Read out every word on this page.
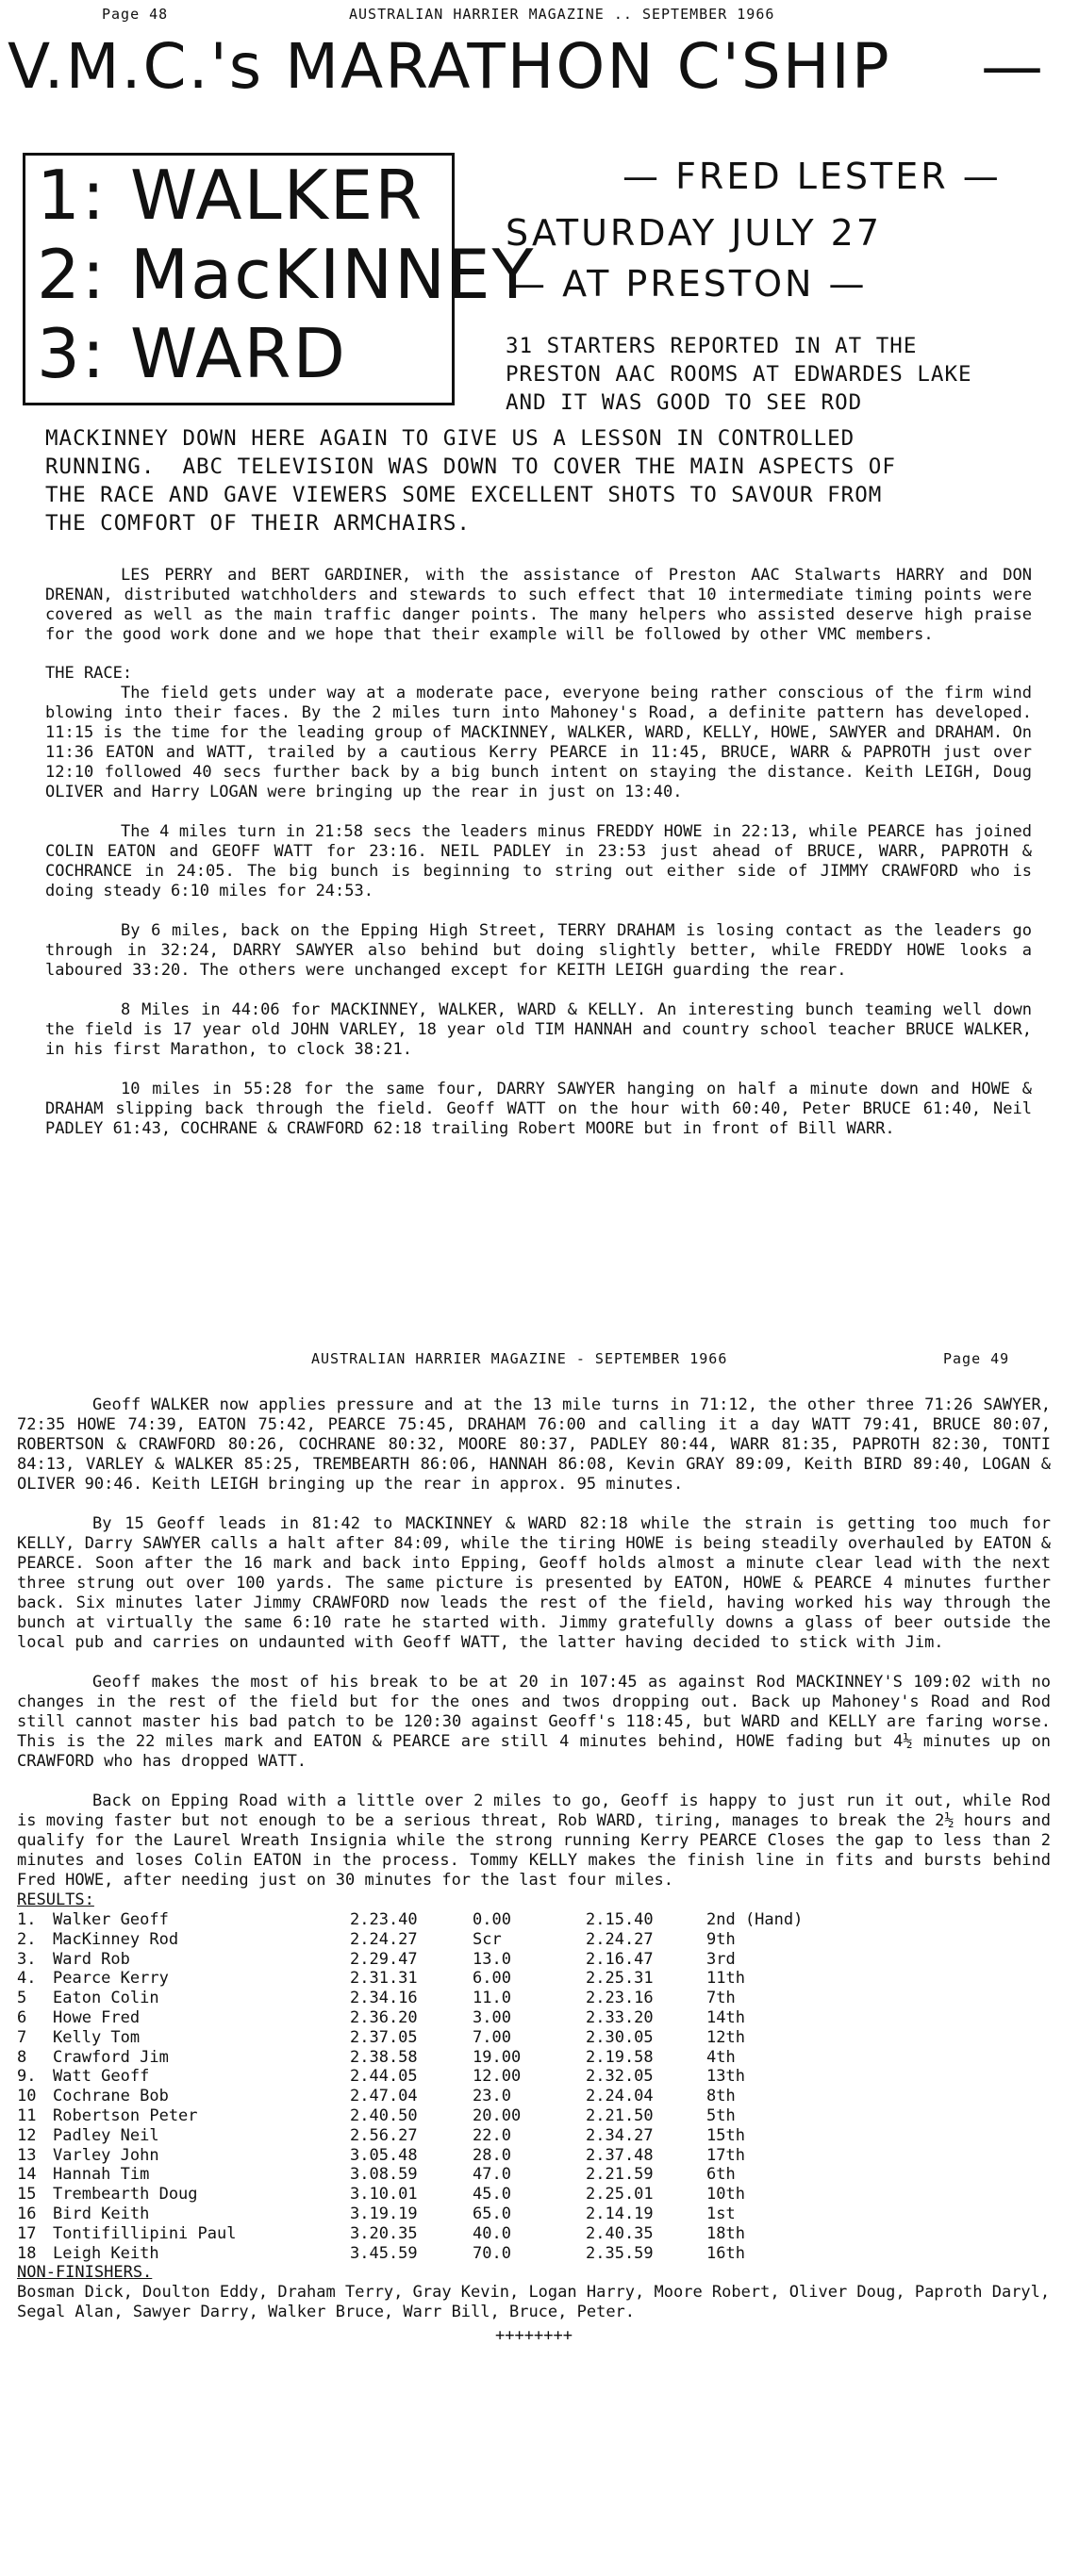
Page 48	AUSTRALIAN HARRIER MAGAZINE .. SEPTEMBER 1966
V.M.C.'s MARATHON C'SHIP —
1: WALKER
2: MacKINNEY
3: WARD
— FRED LESTER —
SATURDAY JULY 27
— AT PRESTON —
31 STARTERS REPORTED IN AT THE
PRESTON AAC ROOMS AT EDWARDES LAKE
AND IT WAS GOOD TO SEE ROD
MACKINNEY DOWN HERE AGAIN TO GIVE US A LESSON IN CONTROLLED
RUNNING.  ABC TELEVISION WAS DOWN TO COVER THE MAIN ASPECTS OF
THE RACE AND GAVE VIEWERS SOME EXCELLENT SHOTS TO SAVOUR FROM
THE COMFORT OF THEIR ARMCHAIRS.

LES PERRY and BERT GARDINER, with the assistance of Preston AAC Stalwarts HARRY and DON DRENAN, distributed watchholders and stewards to such effect that 10 intermediate timing points were covered as well as the main traffic danger points. The many helpers who assisted deserve high praise for the good work done and we hope that their example will be followed by other VMC members.

THE RACE:

The field gets under way at a moderate pace, everyone being rather conscious of the firm wind blowing into their faces. By the 2 miles turn into Mahoney's Road, a definite pattern has developed. 11:15 is the time for the leading group of MACKINNEY, WALKER, WARD, KELLY, HOWE, SAWYER and DRAHAM. On 11:36 EATON and WATT, trailed by a cautious Kerry PEARCE in 11:45, BRUCE, WARR & PAPROTH just over 12:10 followed 40 secs further back by a big bunch intent on staying the distance. Keith LEIGH, Doug OLIVER and Harry LOGAN were bringing up the rear in just on 13:40.

The 4 miles turn in 21:58 secs the leaders minus FREDDY HOWE in 22:13, while PEARCE has joined COLIN EATON and GEOFF WATT for 23:16. NEIL PADLEY in 23:53 just ahead of BRUCE, WARR, PAPROTH & COCHRANCE in 24:05. The big bunch is beginning to string out either side of JIMMY CRAWFORD who is doing steady 6:10 miles for 24:53.

By 6 miles, back on the Epping High Street, TERRY DRAHAM is losing contact as the leaders go through in 32:24, DARRY SAWYER also behind but doing slightly better, while FREDDY HOWE looks a laboured 33:20. The others were unchanged except for KEITH LEIGH guarding the rear.

8 Miles in 44:06 for MACKINNEY, WALKER, WARD & KELLY. An interesting bunch teaming well down the field is 17 year old JOHN VARLEY, 18 year old TIM HANNAH and country school teacher BRUCE WALKER, in his first Marathon, to clock 38:21.

10 miles in 55:28 for the same four, DARRY SAWYER hanging on half a minute down and HOWE & DRAHAM slipping back through the field. Geoff WATT on the hour with 60:40, Peter BRUCE 61:40, Neil PADLEY 61:43, COCHRANE & CRAWFORD 62:18 trailing Robert MOORE but in front of Bill WARR.

AUSTRALIAN HARRIER MAGAZINE - SEPTEMBER 1966	Page 49

Geoff WALKER now applies pressure and at the 13 mile turns in 71:12, the other three 71:26 SAWYER, 72:35 HOWE 74:39, EATON 75:42, PEARCE 75:45, DRAHAM 76:00 and calling it a day WATT 79:41, BRUCE 80:07, ROBERTSON & CRAWFORD 80:26, COCHRANE 80:32, MOORE 80:37, PADLEY 80:44, WARR 81:35, PAPROTH 82:30, TONTI 84:13, VARLEY & WALKER 85:25, TREMBEARTH 86:06, HANNAH 86:08, Kevin GRAY 89:09, Keith BIRD 89:40, LOGAN & OLIVER 90:46. Keith LEIGH bringing up the rear in approx. 95 minutes.

By 15 Geoff leads in 81:42 to MACKINNEY & WARD 82:18 while the strain is getting too much for KELLY, Darry SAWYER calls a halt after 84:09, while the tiring HOWE is being steadily overhauled by EATON & PEARCE. Soon after the 16 mark and back into Epping, Geoff holds almost a minute clear lead with the next three strung out over 100 yards. The same picture is presented by EATON, HOWE & PEARCE 4 minutes further back. Six minutes later Jimmy CRAWFORD now leads the rest of the field, having worked his way through the bunch at virtually the same 6:10 rate he started with. Jimmy gratefully downs a glass of beer outside the local pub and carries on undaunted with Geoff WATT, the latter having decided to stick with Jim.

Geoff makes the most of his break to be at 20 in 107:45 as against Rod MACKINNEY'S 109:02 with no changes in the rest of the field but for the ones and twos dropping out. Back up Mahoney's Road and Rod still cannot master his bad patch to be 120:30 against Geoff's 118:45, but WARD and KELLY are faring worse. This is the 22 miles mark and EATON & PEARCE are still 4 minutes behind, HOWE fading but 4½ minutes up on CRAWFORD who has dropped WATT.

Back on Epping Road with a little over 2 miles to go, Geoff is happy to just run it out, while Rod is moving faster but not enough to be a serious threat, Rob WARD, tiring, manages to break the 2½ hours and qualify for the Laurel Wreath Insignia while the strong running Kerry PEARCE Closes the gap to less than 2 minutes and loses Colin EATON in the process. Tommy KELLY makes the finish line in fits and bursts behind Fred HOWE, after needing just on 30 minutes for the last four miles.

RESULTS:

1.	Walker Geoff	2.23.40	0.00	2.15.40	2nd (Hand)
2.	MacKinney Rod	2.24.27	Scr	2.24.27	9th
3.	Ward Rob	2.29.47	13.0	2.16.47	3rd
4.	Pearce Kerry	2.31.31	6.00	2.25.31	11th
5	Eaton Colin	2.34.16	11.0	2.23.16	7th
6	Howe Fred	2.36.20	3.00	2.33.20	14th
7	Kelly Tom	2.37.05	7.00	2.30.05	12th
8	Crawford Jim	2.38.58	19.00	2.19.58	4th
9.	Watt Geoff	2.44.05	12.00	2.32.05	13th
10	Cochrane Bob	2.47.04	23.0	2.24.04	8th
11	Robertson Peter	2.40.50	20.00	2.21.50	5th
12	Padley Neil	2.56.27	22.0	2.34.27	15th
13	Varley John	3.05.48	28.0	2.37.48	17th
14	Hannah Tim	3.08.59	47.0	2.21.59	6th
15	Trembearth Doug	3.10.01	45.0	2.25.01	10th
16	Bird Keith	3.19.19	65.0	2.14.19	1st
17	Tontifillipini Paul	3.20.35	40.0	2.40.35	18th
18	Leigh Keith	3.45.59	70.0	2.35.59	16th

NON-FINISHERS.

Bosman Dick, Doulton Eddy, Draham Terry, Gray Kevin, Logan Harry, Moore Robert, Oliver Doug, Paproth Daryl, Segal Alan, Sawyer Darry, Walker Bruce, Warr Bill, Bruce, Peter.

++++++++
